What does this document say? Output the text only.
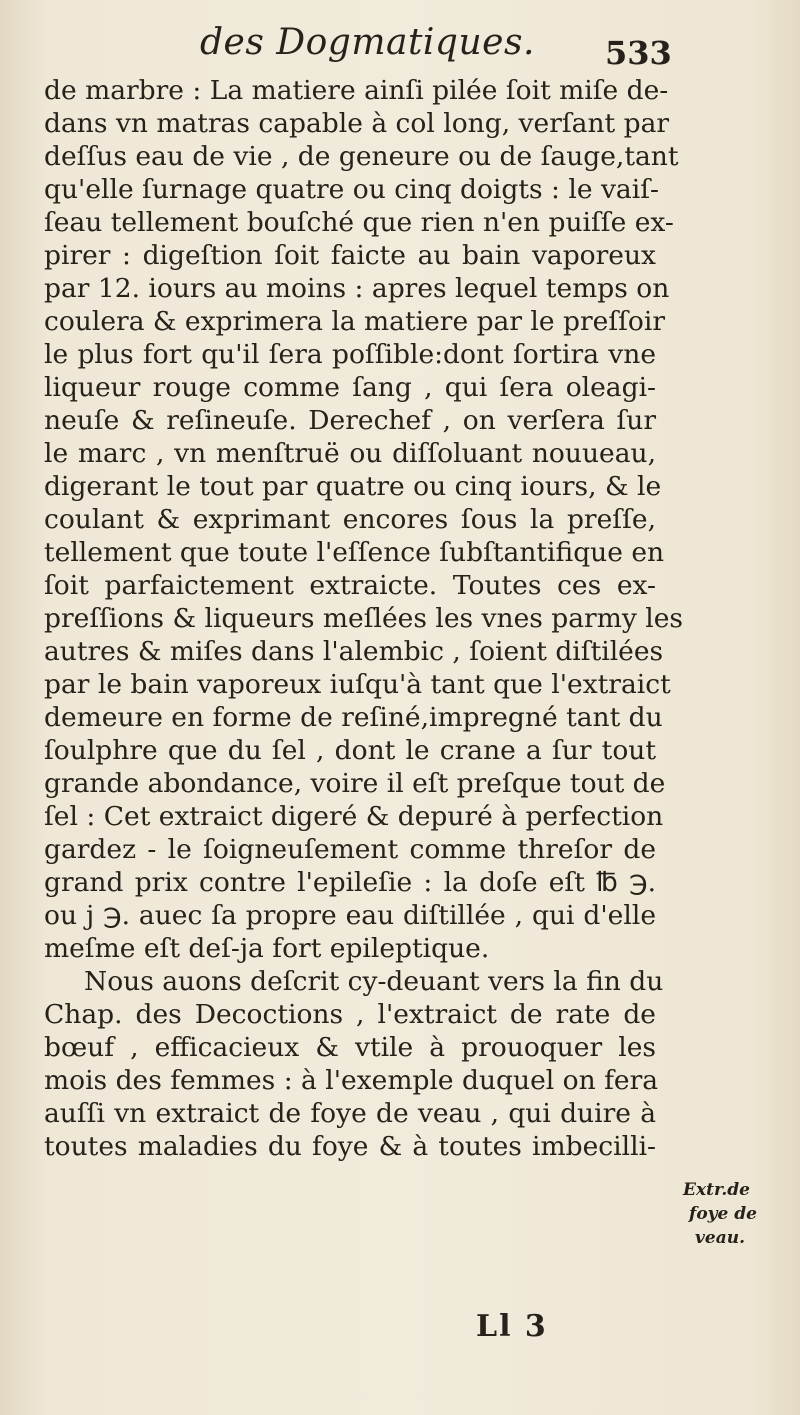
des Dogmatiques. 533
de marbre : La matiere ainſi pilée ſoit miſe de-
dans vn matras capable à col long, verſant par
deſſus eau de vie , de geneure ou de ſauge,tant
qu'elle ſurnage quatre ou cinq doigts : le vaiſ-
ſeau tellement bouſché que rien n'en puiſſe ex-
pirer : digeſtion ſoit faicte au bain vaporeux
par 12. iours au moins : apres lequel temps on
coulera & exprimera la matiere par le preſſoir
le plus fort qu'il ſera poſſible:dont ſortira vne
liqueur rouge comme ſang , qui ſera oleagi-
neuſe & reſineuſe. Derechef , on verſera ſur
le marc , vn menſtruë ou diſſoluant nouueau,
digerant le tout par quatre ou cinq iours, & le
coulant & exprimant encores ſous la preſſe,
tellement que toute l'eſſence ſubſtantifique en
ſoit parfaictement extraicte. Toutes ces ex-
preſſions & liqueurs meſlées les vnes parmy les
autres & miſes dans l'alembic , ſoient diſtilées
par le bain vaporeux iuſqu'à tant que l'extraict
demeure en forme de reſiné,impregné tant du
ſoulphre que du ſel , dont le crane a ſur tout
grande abondance, voire il eſt preſque tout de
ſel : Cet extraict digeré & depuré à perfection
gardez - le ſoigneuſement comme threſor de
grand prix contre l'epileſie : la doſe eſt ℔ ℈.
ou j ℈. auec ſa propre eau diſtillée , qui d'elle
meſme eſt deſ-ja fort epileptique.
Nous auons deſcrit cy-deuant vers la fin du
Chap. des Decoctions , l'extraict de rate de
bœuf , efficacieux & vtile à prouoquer les
mois des femmes : à l'exemple duquel on fera
auſſi vn extraict de foye de veau , qui duire à
toutes maladies du foye & à toutes imbecilli-
Extr.de
foye de
veau.
Ll 3
